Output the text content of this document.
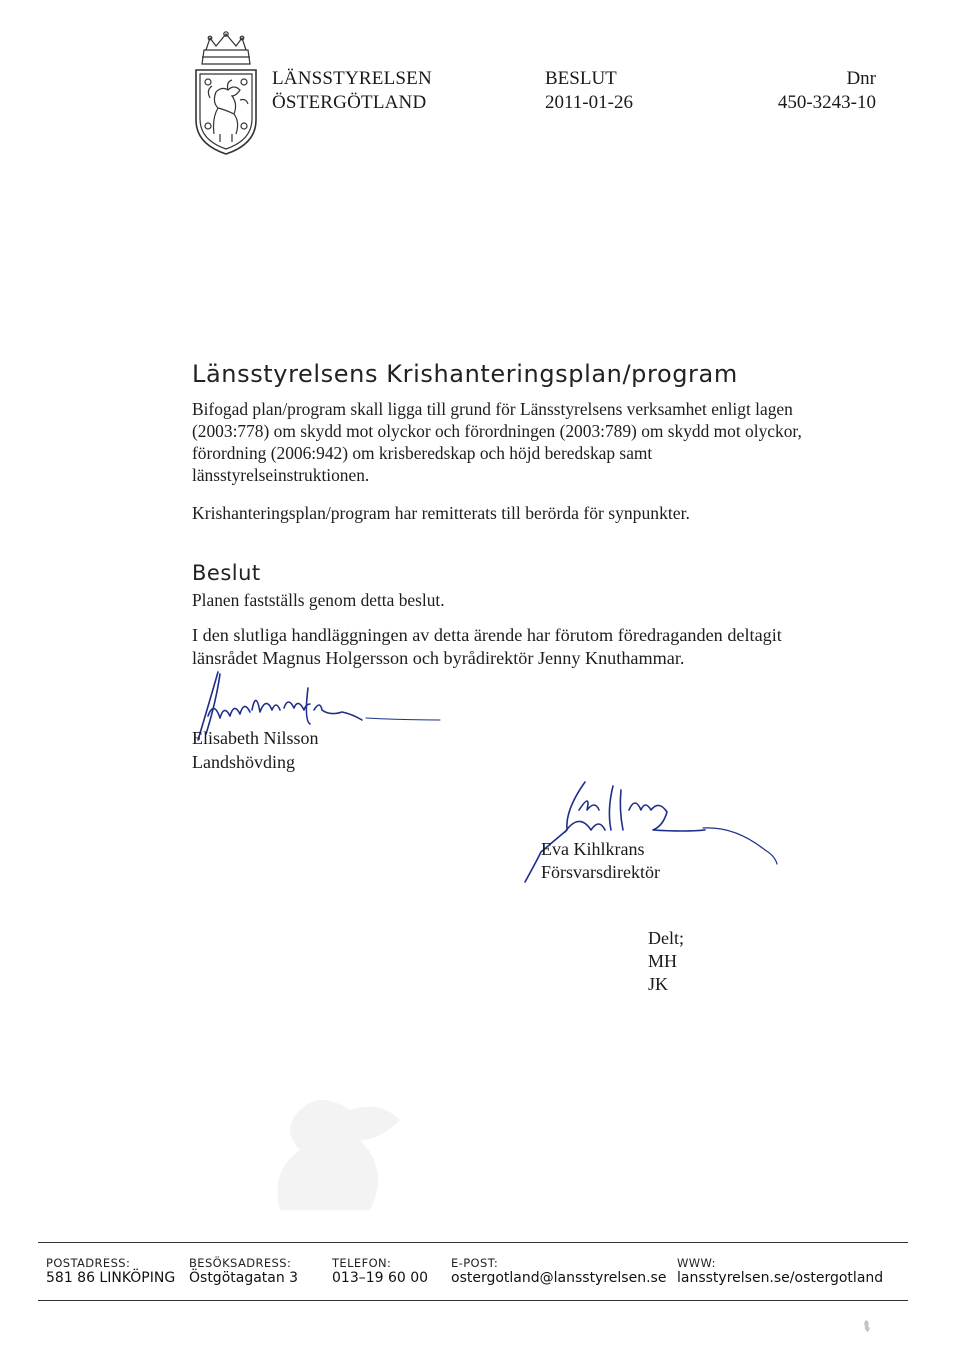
LÄNSSTYRELSEN
ÖSTERGÖTLAND
BESLUT
2011-01-26
Dnr
450-3243-10
Länsstyrelsens Krishanteringsplan/program
Bifogad plan/program skall ligga till grund för Länsstyrelsens verksamhet enligt lagen
(2003:778) om skydd mot olyckor och förordningen (2003:789) om skydd mot olyckor,
förordning (2006:942) om krisberedskap och höjd beredskap samt
länsstyrelseinstruktionen.
Krishanteringsplan/program har remitterats till berörda för synpunkter.
Beslut
Planen fastställs genom detta beslut.
I den slutliga handläggningen av detta ärende har förutom föredraganden deltagit
länsrådet Magnus Holgersson och byrådirektör Jenny Knuthammar.
Elisabeth Nilsson
Landshövding
Eva Kihlkrans
Försvarsdirektör
Delt;
MH
JK
POSTADRESS:
581 86 LINKÖPING
BESÖKSADRESS:
Östgötagatan 3
TELEFON:
013–19 60 00
E-POST:
ostergotland@lansstyrelsen.se
WWW:
lansstyrelsen.se/ostergotland
